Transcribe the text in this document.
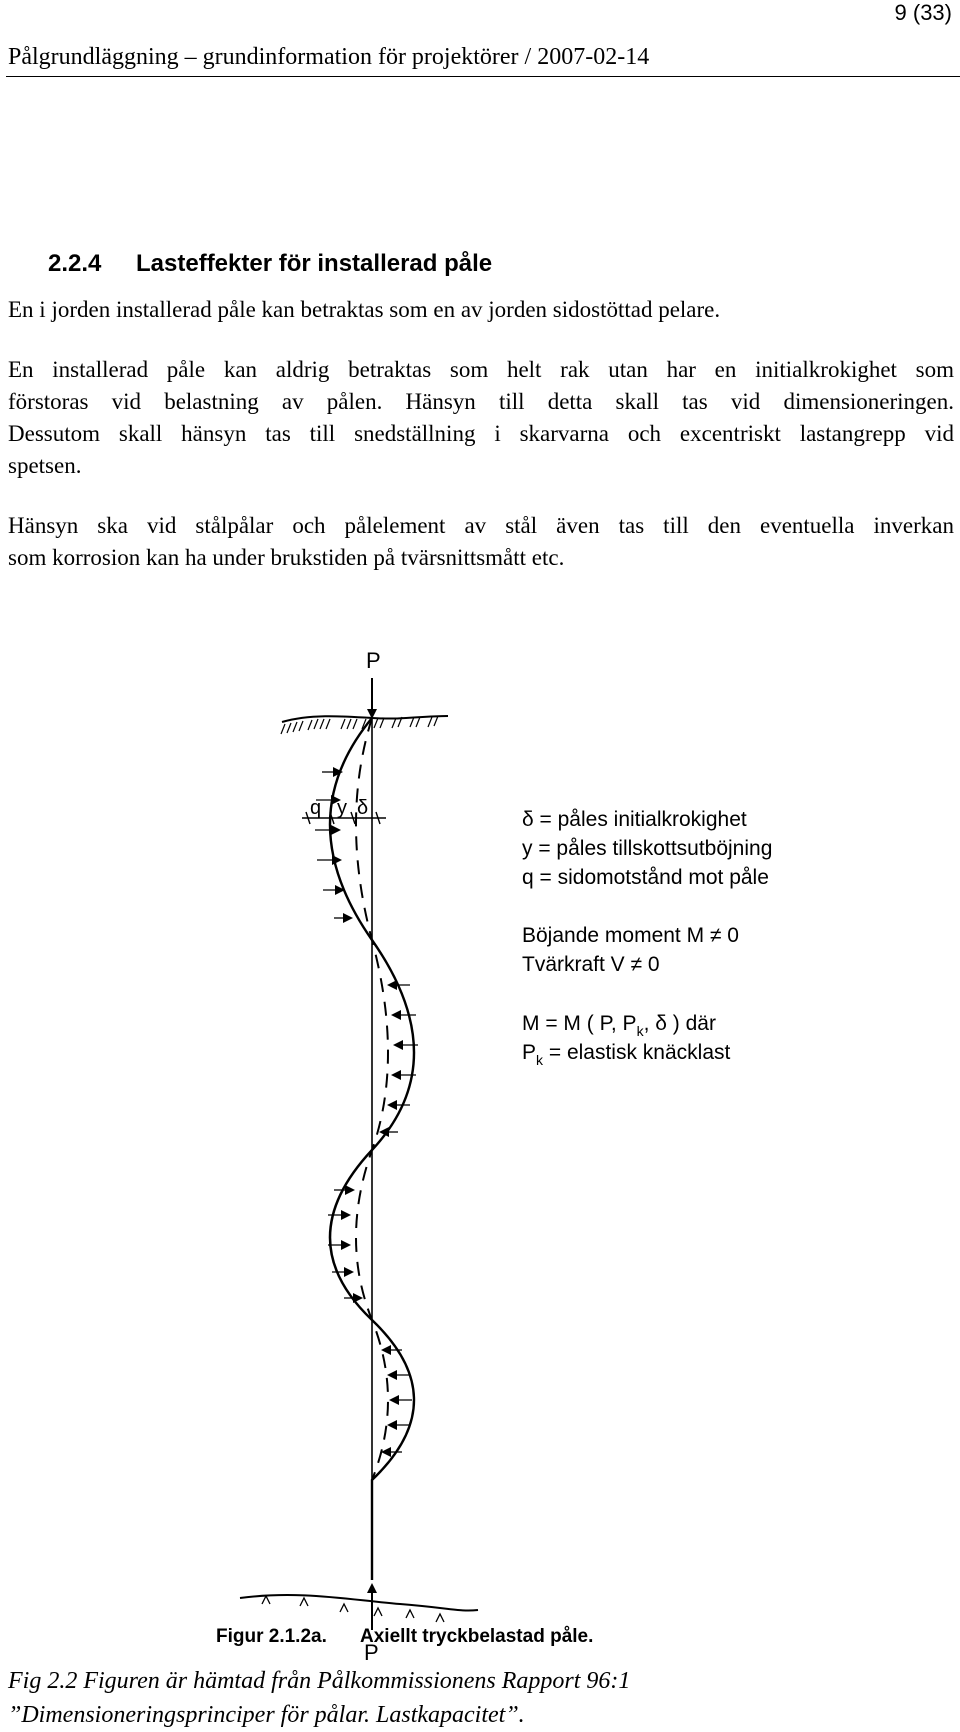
9 (33)
Pålgrundläggning – grundinformation för projektörer / 2007-02-14
2.2.4 Lasteffekter för installerad påle

En i jorden installerad påle kan betraktas som en av jorden sidostöttad pelare.

En installerad påle kan aldrig betraktas som helt rak utan har en initialkrokighet som
förstoras vid belastning av pålen. Hänsyn till detta skall tas vid dimensioneringen.
Dessutom skall hänsyn tas till snedställning i skarvarna och excentriskt lastangrepp vid
spetsen.

Hänsyn ska vid stålpålar och pålelement av stål även tas till den eventuella inverkan
som korrosion kan ha under brukstiden på tvärsnittsmått etc.

P
P
q y δ	δ = påles initialkrokighet
y = påles tillskottsutböjning
q = sidomotstånd mot påle
Böjande moment M ≠ 0
Tvärkraft V ≠ 0
M = M ( P, $P_k$, δ ) där
$P_k$ = elastisk knäcklast
Figur 2.1.2a. Axiellt tryckbelastad påle.
Fig 2.2 Figuren är hämtad från Pålkommissionens Rapport 96:1
”Dimensioneringsprinciper för pålar. Lastkapacitet”.
